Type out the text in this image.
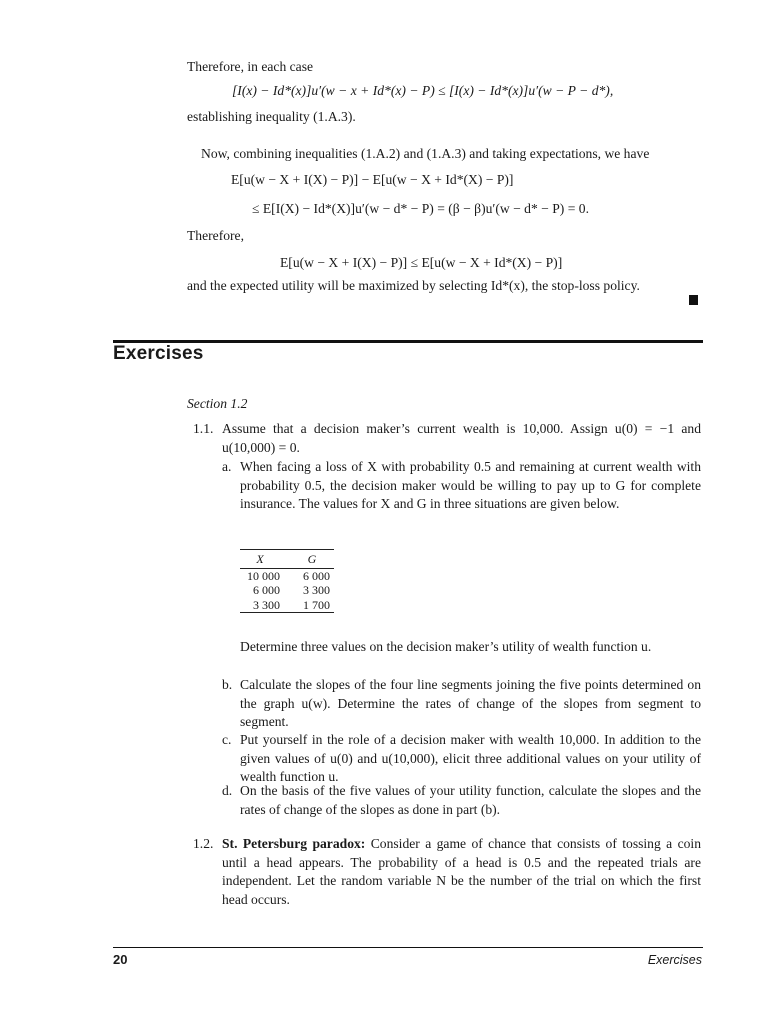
Therefore, in each case
[I(x) − Id*(x)]u′(w − x + Id*(x) − P) ≤ [I(x) − Id*(x)]u′(w − P − d*),
establishing inequality (1.A.3).
Now, combining inequalities (1.A.2) and (1.A.3) and taking expectations, we have
E[u(w − X + I(X) − P)] − E[u(w − X + Id*(X) − P)]
≤ E[I(X) − Id*(X)]u′(w − d* − P) = (β − β)u′(w − d* − P) = 0.
Therefore,
E[u(w − X + I(X) − P)] ≤ E[u(w − X + Id*(X) − P)]
and the expected utility will be maximized by selecting Id*(x), the stop-loss policy.
Exercises
Section 1.2
1.1. Assume that a decision maker’s current wealth is 10,000. Assign u(0) = −1 and u(10,000) = 0.
a. When facing a loss of X with probability 0.5 and remaining at current wealth with probability 0.5, the decision maker would be willing to pay up to G for complete insurance. The values for X and G in three situations are given below.
X	G
10 000	6 000
6 000	3 300
3 300	1 700
Determine three values on the decision maker’s utility of wealth function u.
b. Calculate the slopes of the four line segments joining the five points determined on the graph u(w). Determine the rates of change of the slopes from segment to segment.
c. Put yourself in the role of a decision maker with wealth 10,000. In addition to the given values of u(0) and u(10,000), elicit three additional values on your utility of wealth function u.
d. On the basis of the five values of your utility function, calculate the slopes and the rates of change of the slopes as done in part (b).
1.2. St. Petersburg paradox: Consider a game of chance that consists of tossing a coin until a head appears. The probability of a head is 0.5 and the repeated trials are independent. Let the random variable N be the number of the trial on which the first head occurs.
20	Exercises
